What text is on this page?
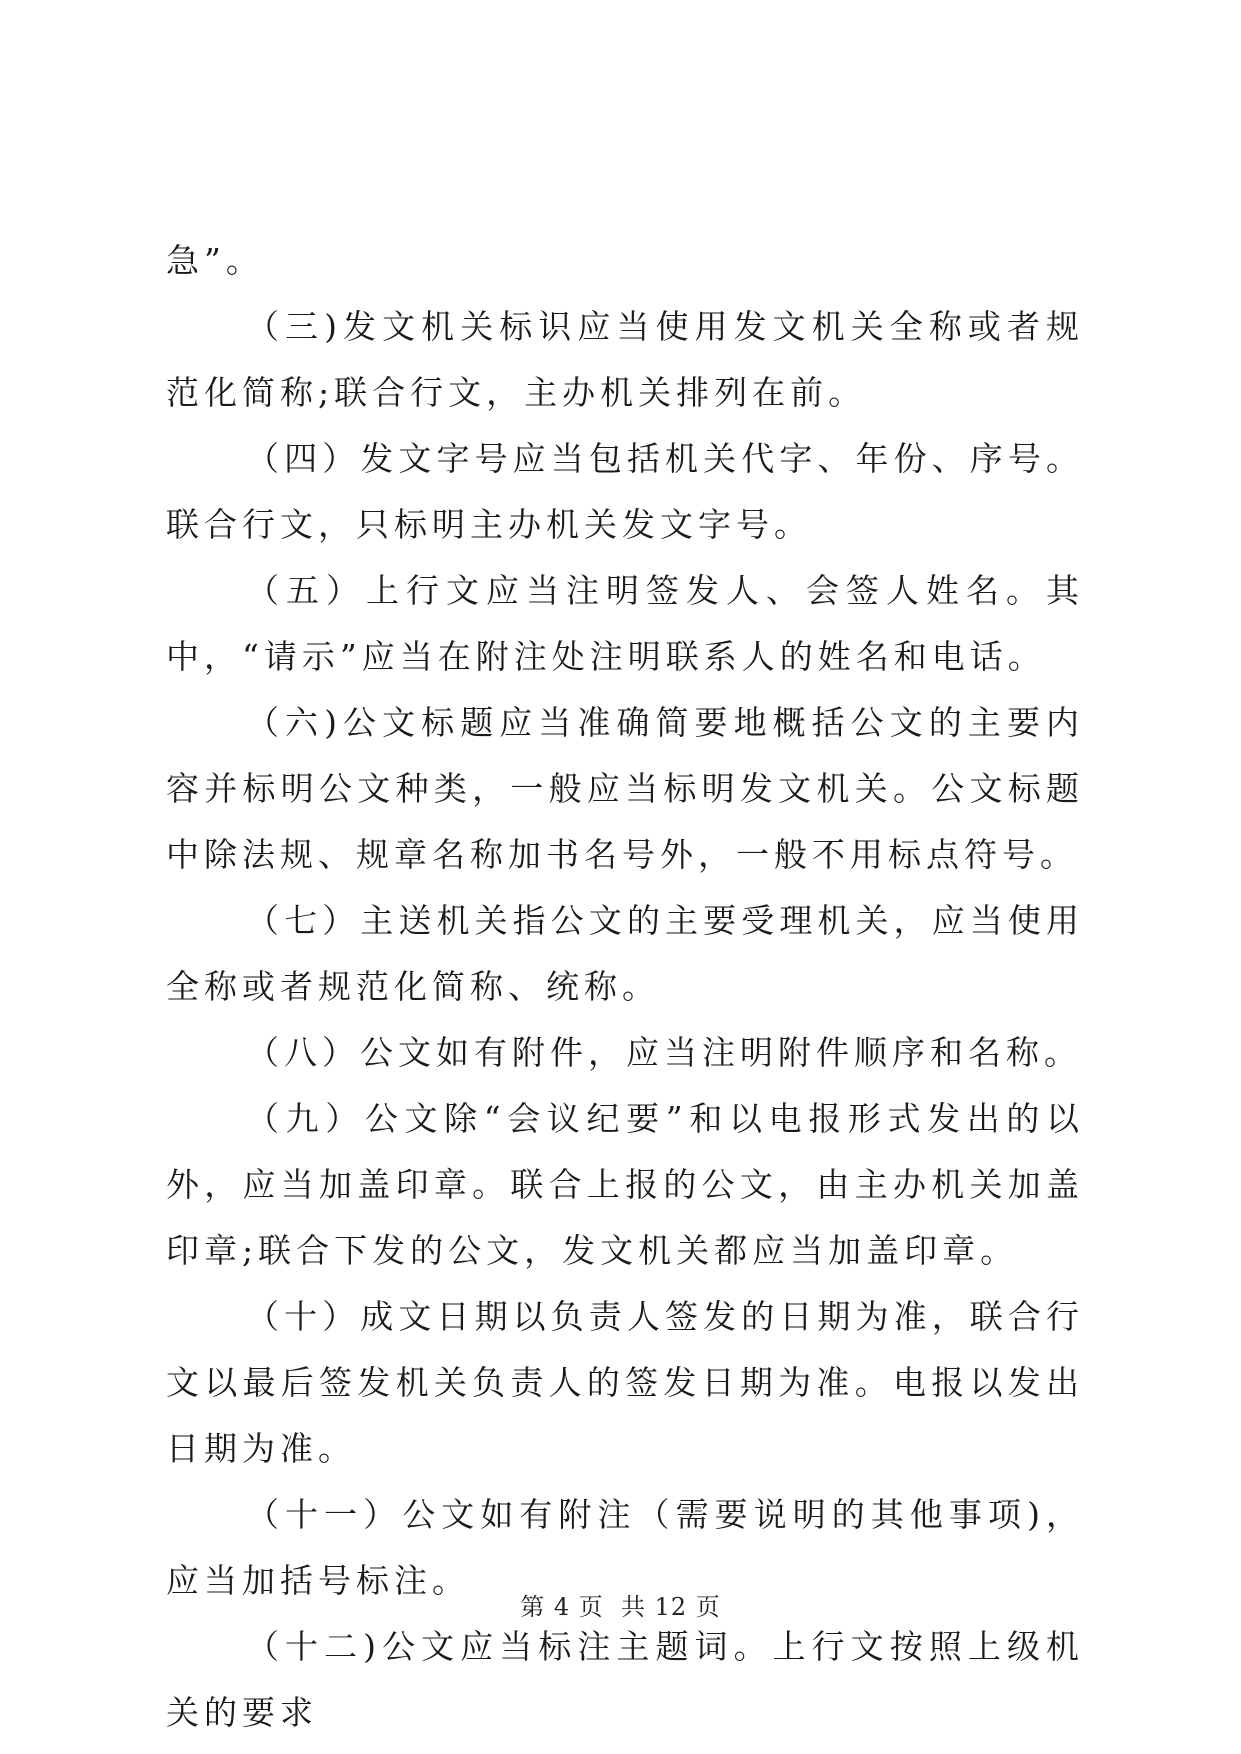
急”。

（三)发文机关标识应当使用发文机关全称或者规范化简称;联合行文，主办机关排列在前。

（四）发文字号应当包括机关代字、年份、序号。联合行文，只标明主办机关发文字号。

（五）上行文应当注明签发人、会签人姓名。其中，“请示”应当在附注处注明联系人的姓名和电话。

（六)公文标题应当准确简要地概括公文的主要内容并标明公文种类，一般应当标明发文机关。公文标题中除法规、规章名称加书名号外，一般不用标点符号。

（七）主送机关指公文的主要受理机关，应当使用全称或者规范化简称、统称。

（八）公文如有附件，应当注明附件顺序和名称。

（九）公文除“会议纪要”和以电报形式发出的以外，应当加盖印章。联合上报的公文，由主办机关加盖印章;联合下发的公文，发文机关都应当加盖印章。

（十）成文日期以负责人签发的日期为准，联合行文以最后签发机关负责人的签发日期为准。电报以发出日期为准。

（十一）公文如有附注（需要说明的其他事项)，应当加括号标注。

（十二)公文应当标注主题词。上行文按照上级机关的要求

第 4 页  共 12 页
